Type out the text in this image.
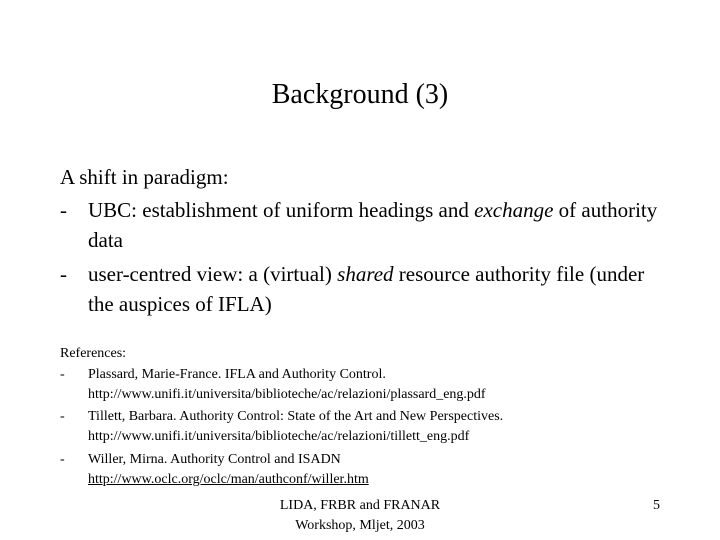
Background (3)
A shift in paradigm:
- UBC: establishment of uniform headings and exchange of authority data
- user-centred view: a (virtual) shared resource authority file (under the auspices of IFLA)
References:
- Plassard, Marie-France. IFLA and Authority Control.
http://www.unifi.it/universita/biblioteche/ac/relazioni/plassard_eng.pdf
- Tillett, Barbara. Authority Control: State of the Art and New Perspectives.
http://www.unifi.it/universita/biblioteche/ac/relazioni/tillett_eng.pdf
- Willer, Mirna. Authority Control and ISADN
http://www.oclc.org/oclc/man/authconf/willer.htm
LIDA, FRBR and FRANAR
Workshop, Mljet, 2003
5
